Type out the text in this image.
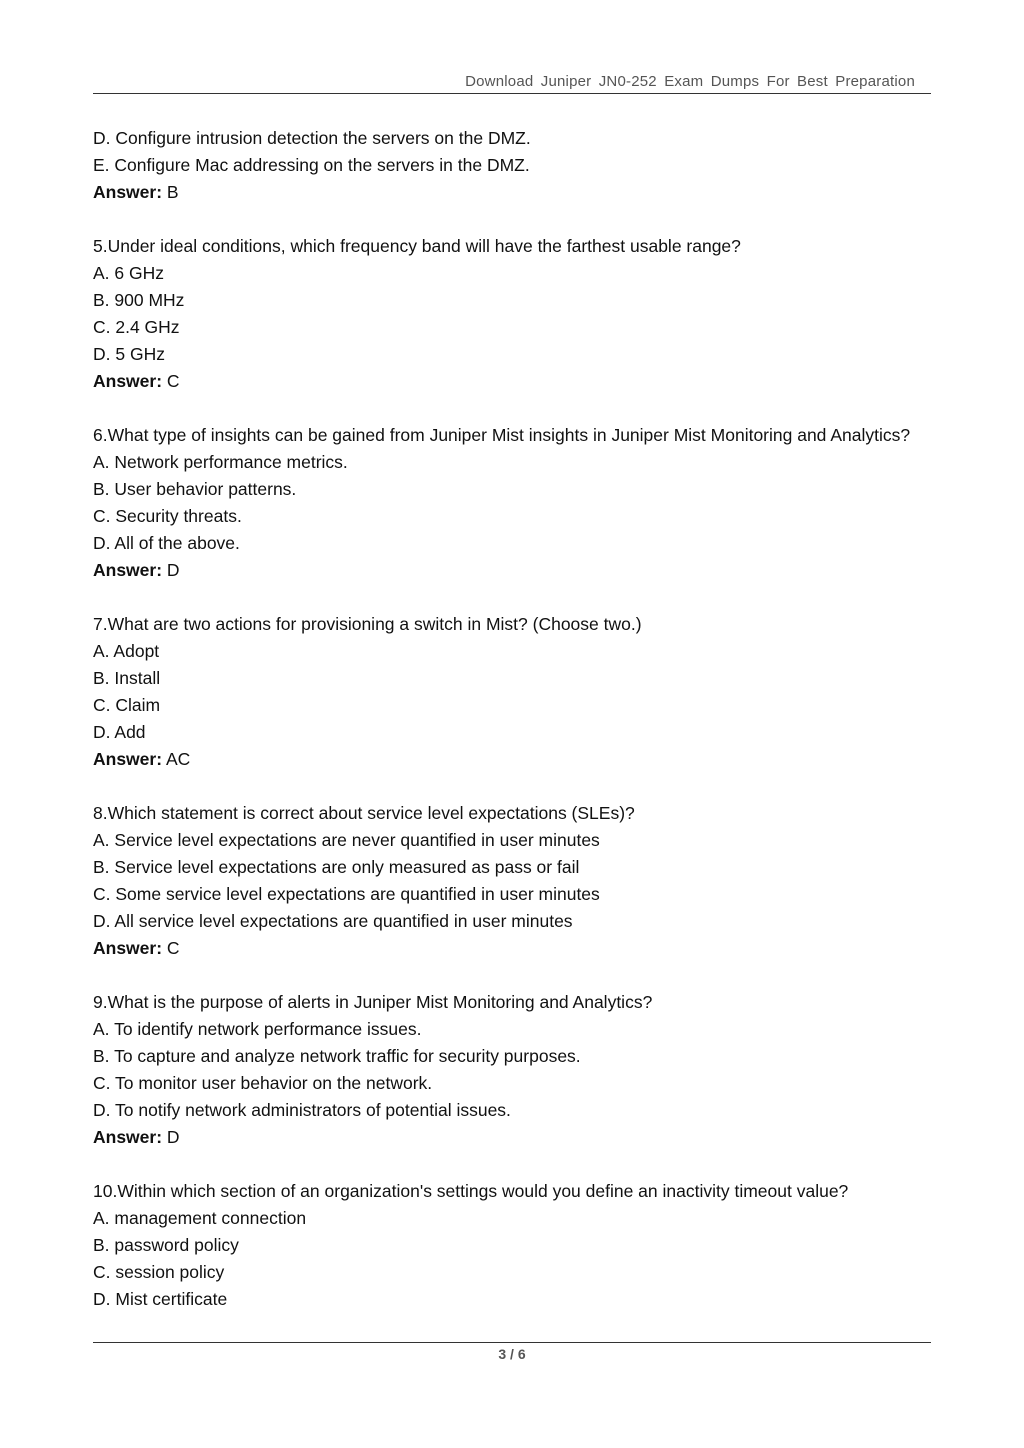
Download Juniper JN0-252 Exam Dumps For Best Preparation
D. Configure intrusion detection the servers on the DMZ.
E. Configure Mac addressing on the servers in the DMZ.
Answer: B
5.Under ideal conditions, which frequency band will have the farthest usable range?
A. 6 GHz
B. 900 MHz
C. 2.4 GHz
D. 5 GHz
Answer: C
6.What type of insights can be gained from Juniper Mist insights in Juniper Mist Monitoring and Analytics?
A. Network performance metrics.
B. User behavior patterns.
C. Security threats.
D. All of the above.
Answer: D
7.What are two actions for provisioning a switch in Mist? (Choose two.)
A. Adopt
B. Install
C. Claim
D. Add
Answer: AC
8.Which statement is correct about service level expectations (SLEs)?
A. Service level expectations are never quantified in user minutes
B. Service level expectations are only measured as pass or fail
C. Some service level expectations are quantified in user minutes
D. All service level expectations are quantified in user minutes
Answer: C
9.What is the purpose of alerts in Juniper Mist Monitoring and Analytics?
A. To identify network performance issues.
B. To capture and analyze network traffic for security purposes.
C. To monitor user behavior on the network.
D. To notify network administrators of potential issues.
Answer: D
10.Within which section of an organization's settings would you define an inactivity timeout value?
A. management connection
B. password policy
C. session policy
D. Mist certificate
3 / 6
